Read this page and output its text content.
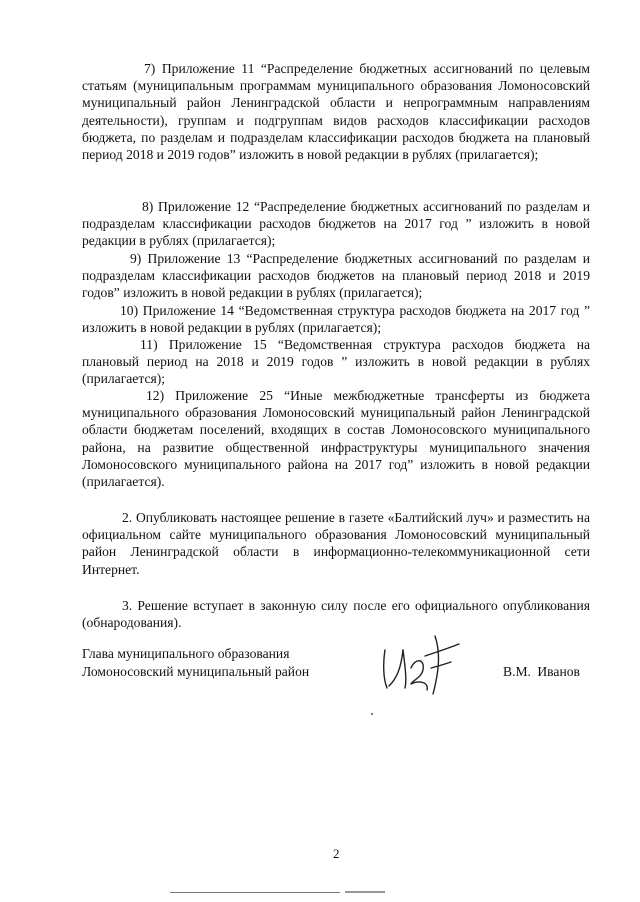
7) Приложение 11 “Распределение бюджетных ассигнований по целевым статьям (муниципальным программам муниципального образования Ломоносовский муниципальный район Ленинградской области и непрограммным направлениям деятельности), группам и подгруппам видов расходов классификации расходов бюджета, по разделам и подразделам классификации расходов бюджета на плановый период 2018 и 2019 годов” изложить в новой редакции в рублях (прилагается);

8) Приложение 12 “Распределение бюджетных ассигнований по разделам и подразделам классификации расходов бюджетов на 2017 год ” изложить в новой редакции в рублях (прилагается);

9) Приложение 13 “Распределение бюджетных ассигнований по разделам и подразделам классификации расходов бюджетов на плановый период 2018 и 2019 годов” изложить в новой редакции в рублях (прилагается);

10) Приложение 14 “Ведомственная структура расходов бюджета на 2017 год ” изложить в новой редакции в рублях (прилагается);

11) Приложение 15 “Ведомственная структура расходов бюджета на плановый период на 2018 и 2019 годов ” изложить в новой редакции в рублях (прилагается);

12) Приложение 25 “Иные межбюджетные трансферты из бюджета муниципального образования Ломоносовский муниципальный район Ленинградской области бюджетам поселений, входящих в состав Ломоносовского муниципального района, на развитие общественной инфраструктуры муниципального значения Ломоносовского муниципального района на 2017 год” изложить в новой редакции (прилагается).

2. Опубликовать настоящее решение в газете «Балтийский луч» и разместить на официальном сайте муниципального образования Ломоносовский муниципальный район Ленинградской области в информационно-телекоммуникационной сети Интернет.

3. Решение вступает в законную силу после его официального опубликования (обнародования).

Глава муниципального образования
Ломоносовский муниципальный район	В.М. Иванов
2
